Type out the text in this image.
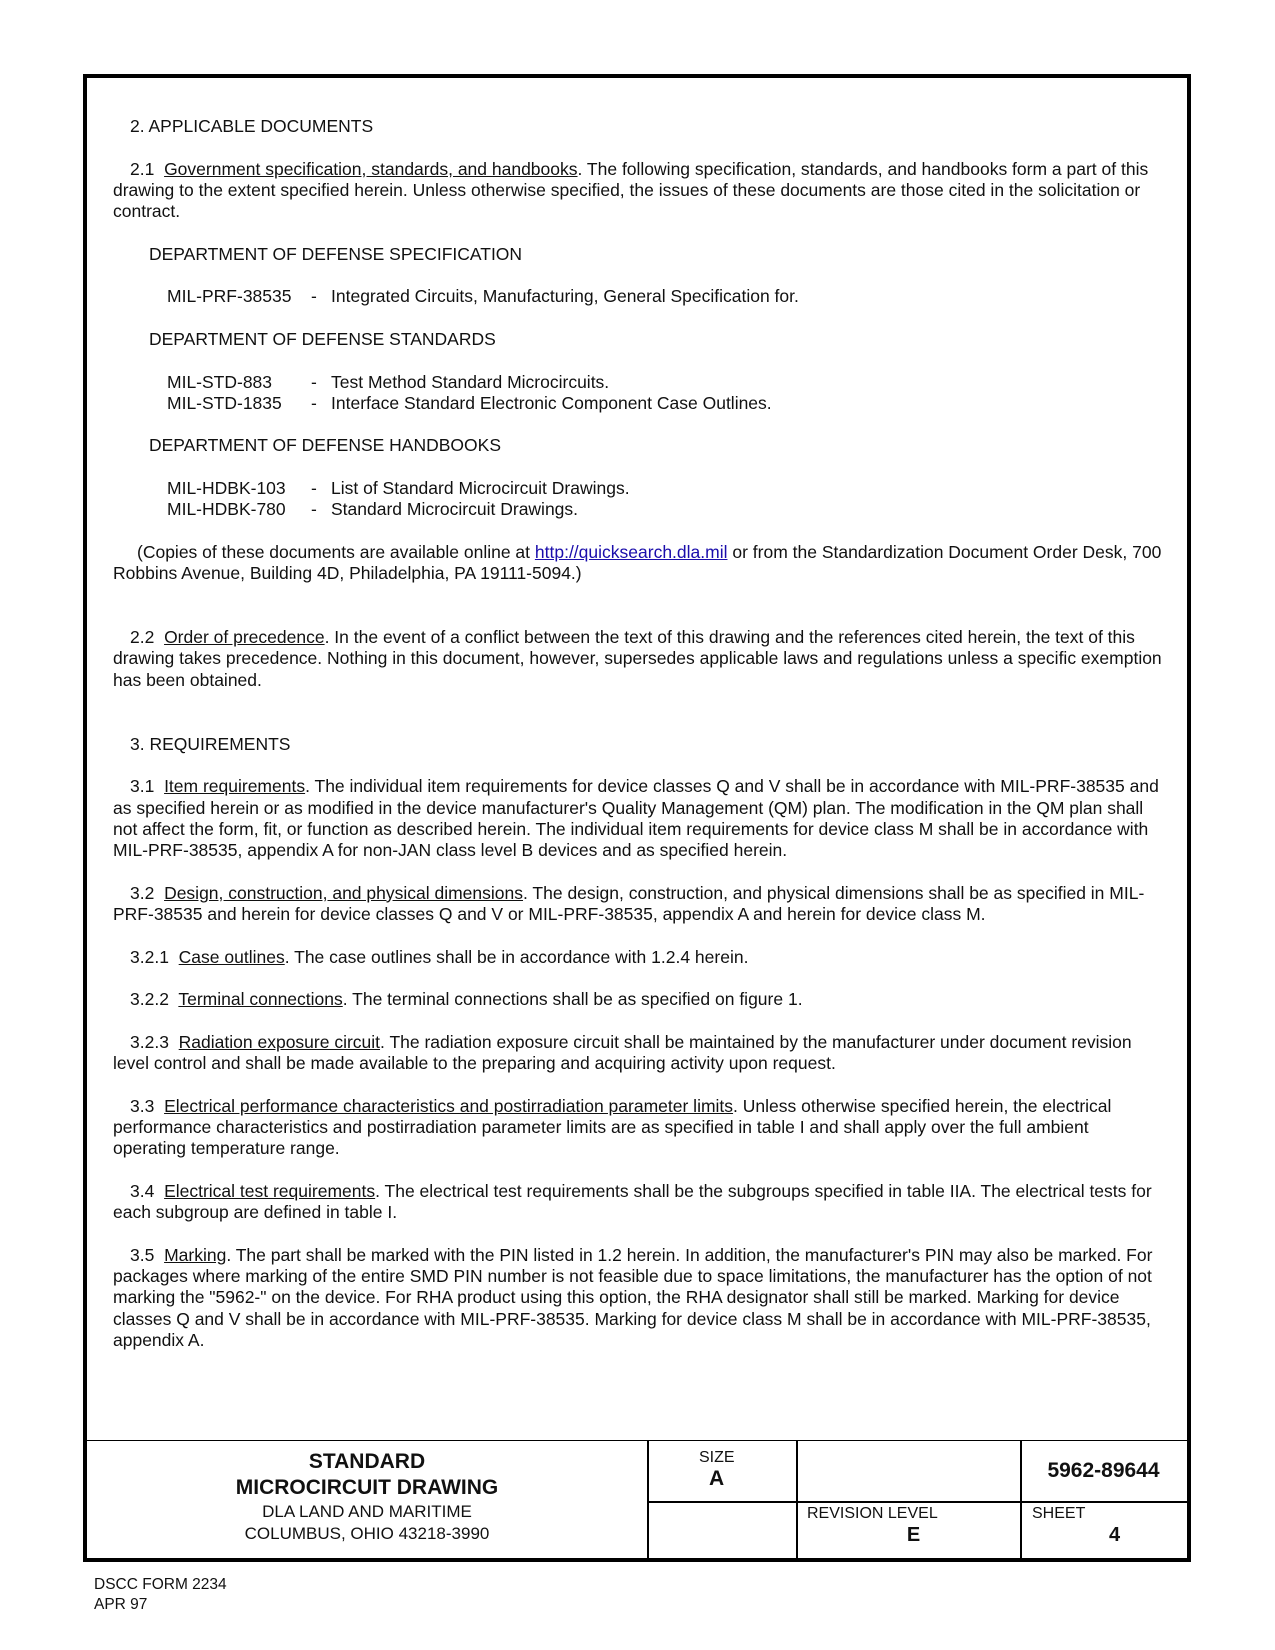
2. APPLICABLE DOCUMENTS

2.1 Government specification, standards, and handbooks. The following specification, standards, and handbooks form a part of this drawing to the extent specified herein. Unless otherwise specified, the issues of these documents are those cited in the solicitation or contract.

DEPARTMENT OF DEFENSE SPECIFICATION

MIL-PRF-38535	- Integrated Circuits, Manufacturing, General Specification for.

DEPARTMENT OF DEFENSE STANDARDS

MIL-STD-883	- Test Method Standard Microcircuits.
MIL-STD-1835	- Interface Standard Electronic Component Case Outlines.

DEPARTMENT OF DEFENSE HANDBOOKS

MIL-HDBK-103	- List of Standard Microcircuit Drawings.
MIL-HDBK-780	- Standard Microcircuit Drawings.

(Copies of these documents are available online at http://quicksearch.dla.mil or from the Standardization Document Order Desk, 700 Robbins Avenue, Building 4D, Philadelphia, PA 19111-5094.)

2.2 Order of precedence. In the event of a conflict between the text of this drawing and the references cited herein, the text of this drawing takes precedence. Nothing in this document, however, supersedes applicable laws and regulations unless a specific exemption has been obtained.

3. REQUIREMENTS

3.1 Item requirements. The individual item requirements for device classes Q and V shall be in accordance with MIL-PRF-38535 and as specified herein or as modified in the device manufacturer's Quality Management (QM) plan. The modification in the QM plan shall not affect the form, fit, or function as described herein. The individual item requirements for device class M shall be in accordance with MIL-PRF-38535, appendix A for non-JAN class level B devices and as specified herein.

3.2 Design, construction, and physical dimensions. The design, construction, and physical dimensions shall be as specified in MIL-PRF-38535 and herein for device classes Q and V or MIL-PRF-38535, appendix A and herein for device class M.

3.2.1 Case outlines. The case outlines shall be in accordance with 1.2.4 herein.

3.2.2 Terminal connections. The terminal connections shall be as specified on figure 1.

3.2.3 Radiation exposure circuit. The radiation exposure circuit shall be maintained by the manufacturer under document revision level control and shall be made available to the preparing and acquiring activity upon request.

3.3 Electrical performance characteristics and postirradiation parameter limits. Unless otherwise specified herein, the electrical performance characteristics and postirradiation parameter limits are as specified in table I and shall apply over the full ambient operating temperature range.

3.4 Electrical test requirements. The electrical test requirements shall be the subgroups specified in table IIA. The electrical tests for each subgroup are defined in table I.

3.5 Marking. The part shall be marked with the PIN listed in 1.2 herein. In addition, the manufacturer's PIN may also be marked. For packages where marking of the entire SMD PIN number is not feasible due to space limitations, the manufacturer has the option of not marking the "5962-" on the device. For RHA product using this option, the RHA designator shall still be marked. Marking for device classes Q and V shall be in accordance with MIL-PRF-38535. Marking for device class M shall be in accordance with MIL-PRF-38535, appendix A.

STANDARD
MICROCIRCUIT DRAWING
DLA LAND AND MARITIME
COLUMBUS, OHIO 43218-3990
SIZE
A	5962-89644
REVISION LEVEL
E
SHEET
4
DSCC FORM 2234
APR 97
